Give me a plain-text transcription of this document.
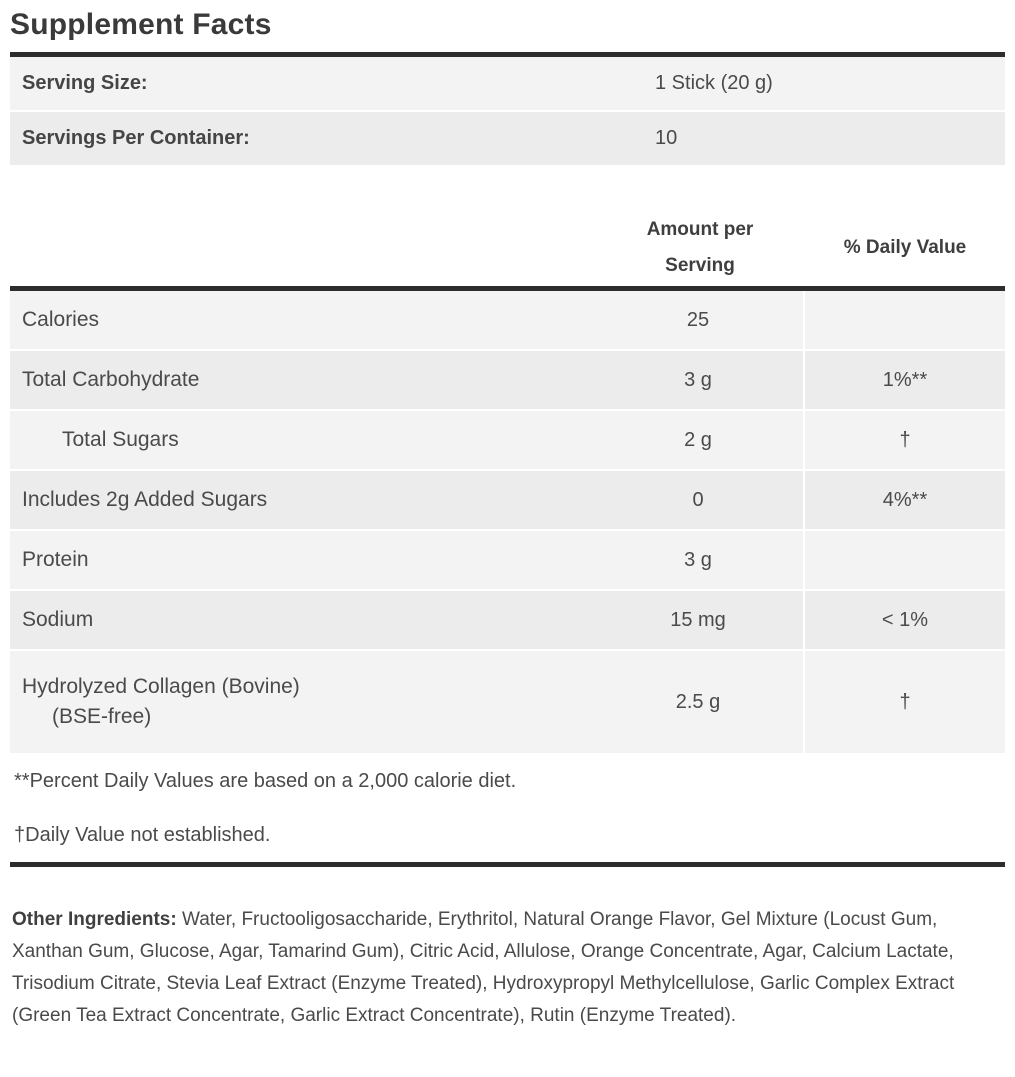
Supplement Facts
Serving Size:	1 Stick (20 g)
Servings Per Container:	10
Amount per Serving
% Daily Value
Calories	25
Total Carbohydrate	3 g	1%**
Total Sugars	2 g	†
Includes 2g Added Sugars	0	4%**
Protein	3 g
Sodium	15 mg	< 1%
Hydrolyzed Collagen (Bovine)
(BSE-free)
2.5 g	†

**Percent Daily Values are based on a 2,000 calorie diet.

†Daily Value not established.

Other Ingredients: Water, Fructooligosaccharide, Erythritol, Natural Orange Flavor, Gel Mixture (Locust Gum, Xanthan Gum, Glucose, Agar, Tamarind Gum), Citric Acid, Allulose, Orange Concentrate, Agar, Calcium Lactate, Trisodium Citrate, Stevia Leaf Extract (Enzyme Treated), Hydroxypropyl Methylcellulose, Garlic Complex Extract (Green Tea Extract Concentrate, Garlic Extract Concentrate), Rutin (Enzyme Treated).
